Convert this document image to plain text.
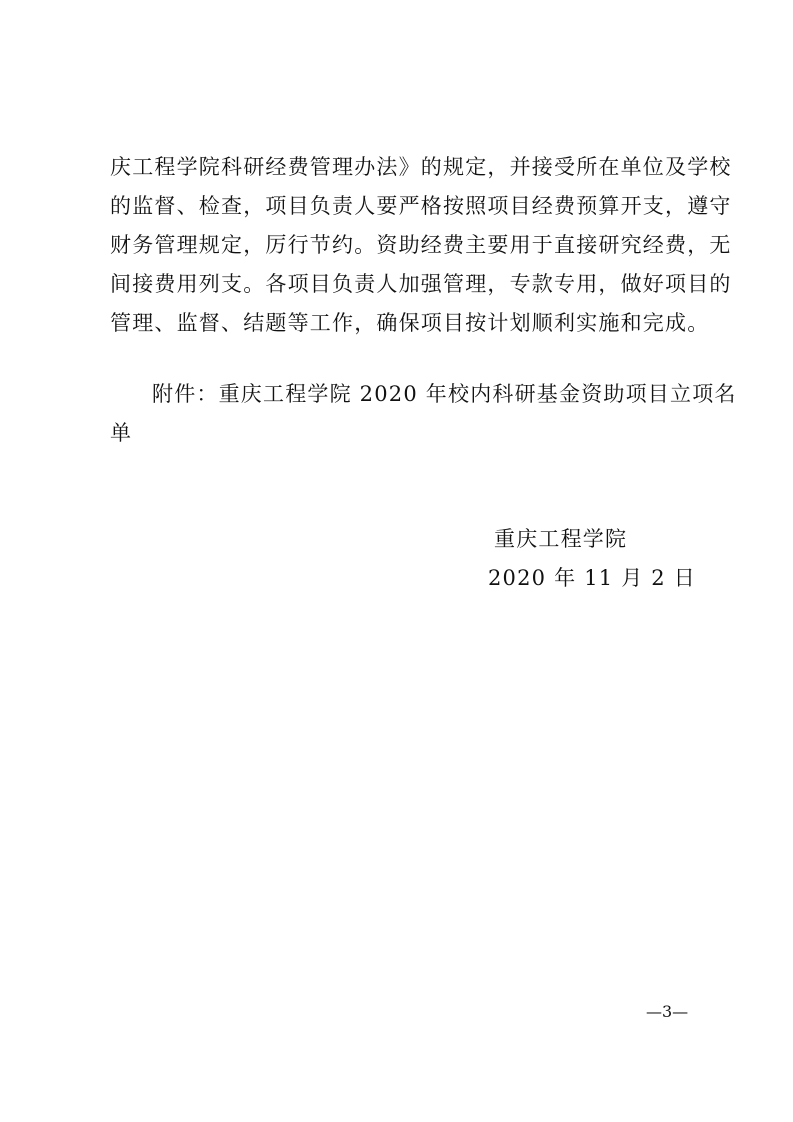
庆工程学院科研经费管理办法》的规定，并接受所在单位及学校
的监督、检查，项目负责人要严格按照项目经费预算开支，遵守
财务管理规定，厉行节约。资助经费主要用于直接研究经费，无
间接费用列支。各项目负责人加强管理，专款专用，做好项目的
管理、监督、结题等工作，确保项目按计划顺利实施和完成。
附件：重庆工程学院 2020 年校内科研基金资助项目立项名
单
重庆工程学院
2020 年 11 月 2 日
—3—
